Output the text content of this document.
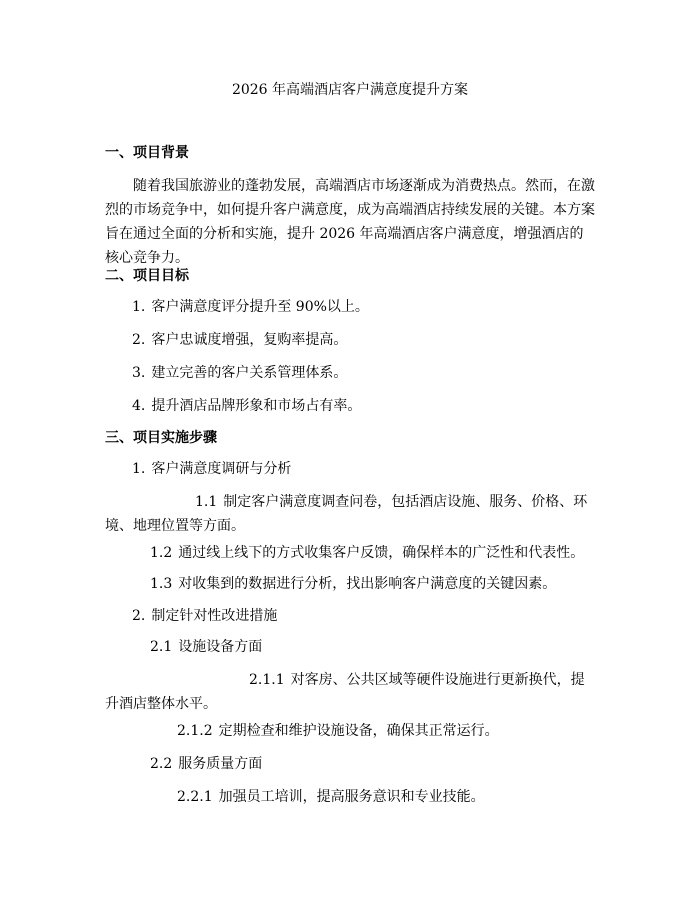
2026 年高端酒店客户满意度提升方案
一、项目背景
随着我国旅游业的蓬勃发展，高端酒店市场逐渐成为消费热点。然而，在激烈的市场竞争中，如何提升客户满意度，成为高端酒店持续发展的关键。本方案旨在通过全面的分析和实施，提升 2026 年高端酒店客户满意度，增强酒店的核心竞争力。
二、项目目标
1. 客户满意度评分提升至 90%以上。
2. 客户忠诚度增强，复购率提高。
3. 建立完善的客户关系管理体系。
4. 提升酒店品牌形象和市场占有率。
三、项目实施步骤
1. 客户满意度调研与分析
1.1 制定客户满意度调查问卷，包括酒店设施、服务、价格、环境、地理位置等方面。
1.2 通过线上线下的方式收集客户反馈，确保样本的广泛性和代表性。
1.3 对收集到的数据进行分析，找出影响客户满意度的关键因素。
2. 制定针对性改进措施
2.1 设施设备方面
2.1.1 对客房、公共区域等硬件设施进行更新换代，提升酒店整体水平。
2.1.2 定期检查和维护设施设备，确保其正常运行。
2.2 服务质量方面
2.2.1 加强员工培训，提高服务意识和专业技能。
